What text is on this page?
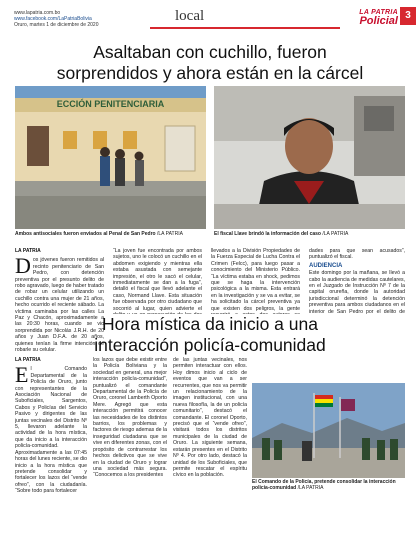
www.lapatria.com.bo
www.facebook.com/LaPatriaBolivia
Oruro, martes 1 de diciembre de 2020
local	LA PATRIA
Policial 3
Asaltaban con cuchillo, fueron
sorprendidos y ahora están en la cárcel
ECCIÓN PENITENCIARIA
Ambos antisociales fueron enviados al Penal de San Pedro /LA PATRIA	El fiscal Llave brindó la información del caso /LA PATRIA
LA PATRIA
D os jóvenes fueron remitidos al recinto penitenciario de San Pedro, con detención preventiva por el presunto delito de robo agravado, luego de haber tratado de robar un celular utilizando un cuchillo contra una mujer de 21 años, hecho ocurrido el reciente sábado. La víctima caminaba por las calles La Paz y Chacón, aproximadamente a las 20:30 horas, cuando se vio sorprendida por Nicolás J.R.H. de 20 años y Juan D.F.A. de 20 años, quienes tenían la firme intención de robarle su celular.
“La joven fue encontrada por ambos sujetos, uno le colocó un cuchillo en el abdomen exigiendo y mientras ella estaba asustada con semejante impresión, el otro le sacó el celular, inmediatamente se dan a la fuga”, detalló el fiscal que llevó adelante el caso, Normand Llave. Esta situación fue observada por otro ciudadano que socorrió al lugar, quien advierte el
llevados a la División Propiedades de la Fuerza Especial de Lucha Contra el Crimen (Felcc), para luego pasar a conocimiento del Ministerio Público. “La víctima estaba en shock, pedimos que se haga la intervención psicológica a la misma. Esta entrará en la investigación y se va a evitar, se ha solicitado la cárcel preventiva ya que existen dos peligros, la gente
dades para que sean acusados”, puntualizó el fiscal.
AUDIENCIA
Este domingo por la mañana, se llevó a cabo la audiencia de medidas cautelares, en el Juzgado de Instrucción Nº 7 de la capital orureña, donde la autoridad jurisdiccional determinó la detención preventiva para ambos ciudadanos en el interior de San Pedro por el delito de
Hora mística da inicio a una
interacción policía-comunidad
LA PATRIA
E l Comando Departamental de la Policía de Oruro, junto con representantes de la Asociación Nacional de Suboficiales, Sargentos, Cabos y Policías del Servicio Pasivo y dirigentes de las juntas vecinales del Distrito Nº 5, llevaron adelante la actividad de la hora mística, que da inicio a la interacción policía-comunidad. Aproximadamente a las 07:45 horas del lunes reciente, se dio inicio a la hora mística que pretende consolidar y fortalecer los lazos del “vende ofreo”, con la ciudadanía. “Sobre todo para fortalecer
los lazos que debe existir entre la Policía Boliviana y la sociedad en general, una mejor interacción policía-comunidad”, puntualizó el comandante Departamental de la Policía de Oruro, coronel Lamberth Oporto Mere. Agregó que esta interacción permitirá conocer las necesidades de los distintos barrios, los problemas y factores de riesgo ademas de la inseguridad ciudadana que se vive en diferentes zonas, con el propósito de contrarrestar los hechos delictivos que se vive en la ciudad de Oruro y lograr una sociedad más segura. “Conocemos a los presidentes
de las juntas vecinales, nos permiten interactuar con ellos. Hoy dimos inicio al ciclo de eventos que van a ser recurrentes, que nos va permitir un relacionamiento de la imagen institucional, con una nueva filosofía, la de un policía comunitario”, destacó el comandante. El coronel Oporto, precisó que el “vende ofreo”, visitará todos los distritos municipales de la ciudad de Oruro. La siguiente semana, estarán presentes en el Distrito Nº 4. Por otro lado, destacó la unidad de los Suboficiales, que permite rescatar el espíritu cívico en la población.
El Comando de la Policía, pretende consolidar la interacción policía-comunidad /LA PATRIA
